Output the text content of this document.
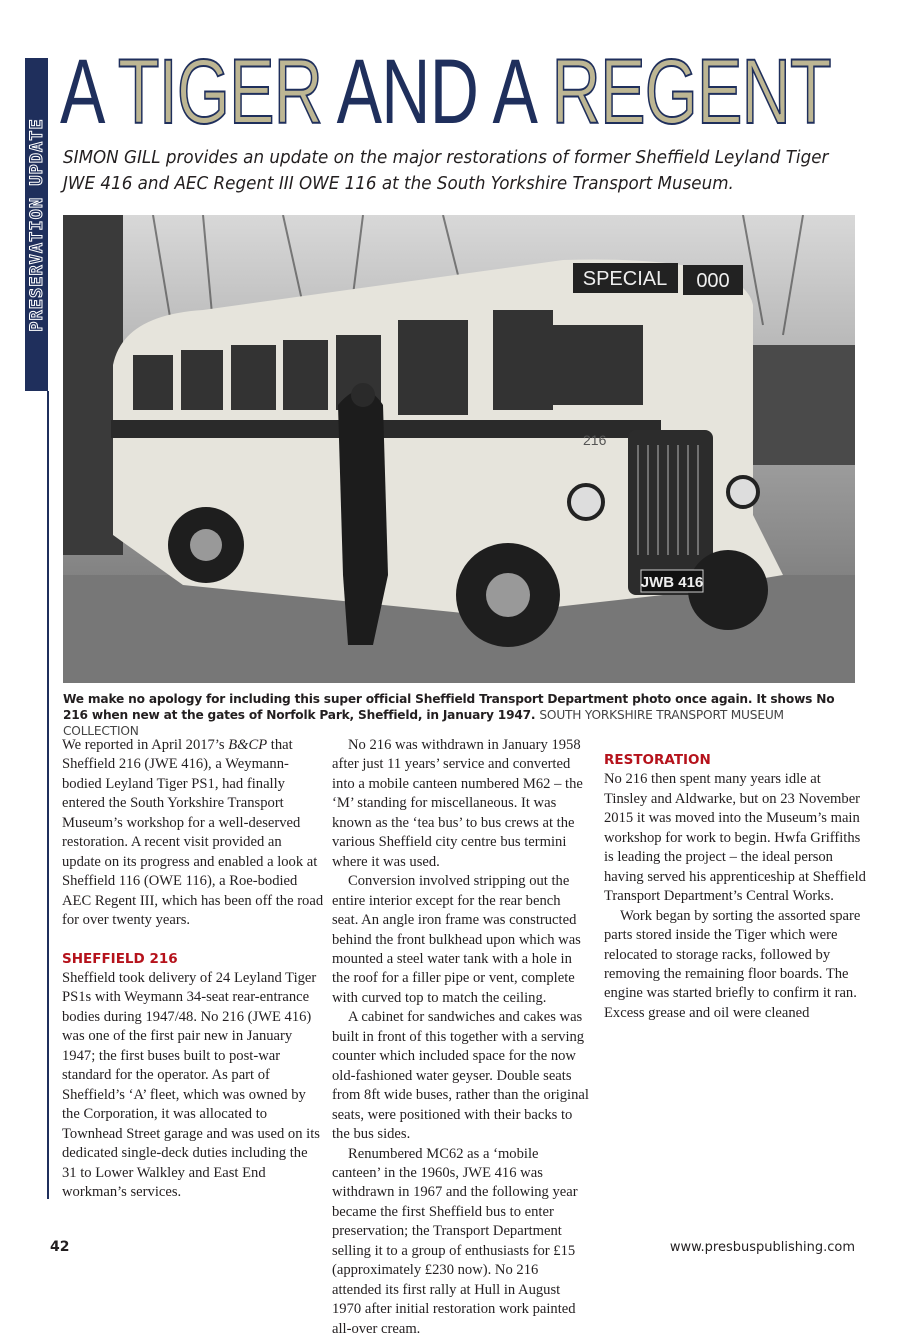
PRESERVATION UPDATE
A TIGER AND A REGENT
SIMON GILL provides an update on the major restorations of former Sheffield Leyland Tiger JWE 416 and AEC Regent III OWE 116 at the South Yorkshire Transport Museum.
SPECIAL 000
216
JWB 416
We make no apology for including this super official Sheffield Transport Department photo once again. It shows No 216 when new at the gates of Norfolk Park, Sheffield, in January 1947. SOUTH YORKSHIRE TRANSPORT MUSEUM COLLECTION

We reported in April 2017’s B&CP that Sheffield 216 (JWE 416), a Weymann-bodied Leyland Tiger PS1, had finally entered the South Yorkshire Transport Museum’s workshop for a well-deserved restoration. A recent visit provided an update on its progress and enabled a look at Sheffield 116 (OWE 116), a Roe-bodied AEC Regent III, which has been off the road for over twenty years.

SHEFFIELD 216

Sheffield took delivery of 24 Leyland Tiger PS1s with Weymann 34-seat rear-entrance bodies during 1947/48. No 216 (JWE 416) was one of the first pair new in January 1947; the first buses built to post-war standard for the operator. As part of Sheffield’s ‘A’ fleet, which was owned by the Corporation, it was allocated to Townhead Street garage and was used on its dedicated single-deck duties including the 31 to Lower Walkley and East End workman’s services.

No 216 was withdrawn in January 1958 after just 11 years’ service and converted into a mobile canteen numbered M62 – the ‘M’ standing for miscellaneous. It was known as the ‘tea bus’ to bus crews at the various Sheffield city centre bus termini where it was used.

Conversion involved stripping out the entire interior except for the rear bench seat. An angle iron frame was constructed behind the front bulkhead upon which was mounted a steel water tank with a hole in the roof for a filler pipe or vent, complete with curved top to match the ceiling.

A cabinet for sandwiches and cakes was built in front of this together with a serving counter which included space for the now old-fashioned water geyser. Double seats from 8ft wide buses, rather than the original seats, were positioned with their backs to the bus sides.

Renumbered MC62 as a ‘mobile canteen’ in the 1960s, JWE 416 was withdrawn in 1967 and the following year became the first Sheffield bus to enter preservation; the Transport Department selling it to a group of enthusiasts for £15 (approximately £230 now). No 216 attended its first rally at Hull in August 1970 after initial restoration work painted all-over cream.

42	www.presbuspublishing.com
RESTORATION

No 216 then spent many years idle at Tinsley and Aldwarke, but on 23 November 2015 it was moved into the Museum’s main workshop for work to begin. Hwfa Griffiths is leading the project – the ideal person having served his apprenticeship at Sheffield Transport Department’s Central Works.

Work began by sorting the assorted spare parts stored inside the Tiger which were relocated to storage racks, followed by removing the remaining floor boards. The engine was started briefly to confirm it ran. Excess grease and oil were cleaned
